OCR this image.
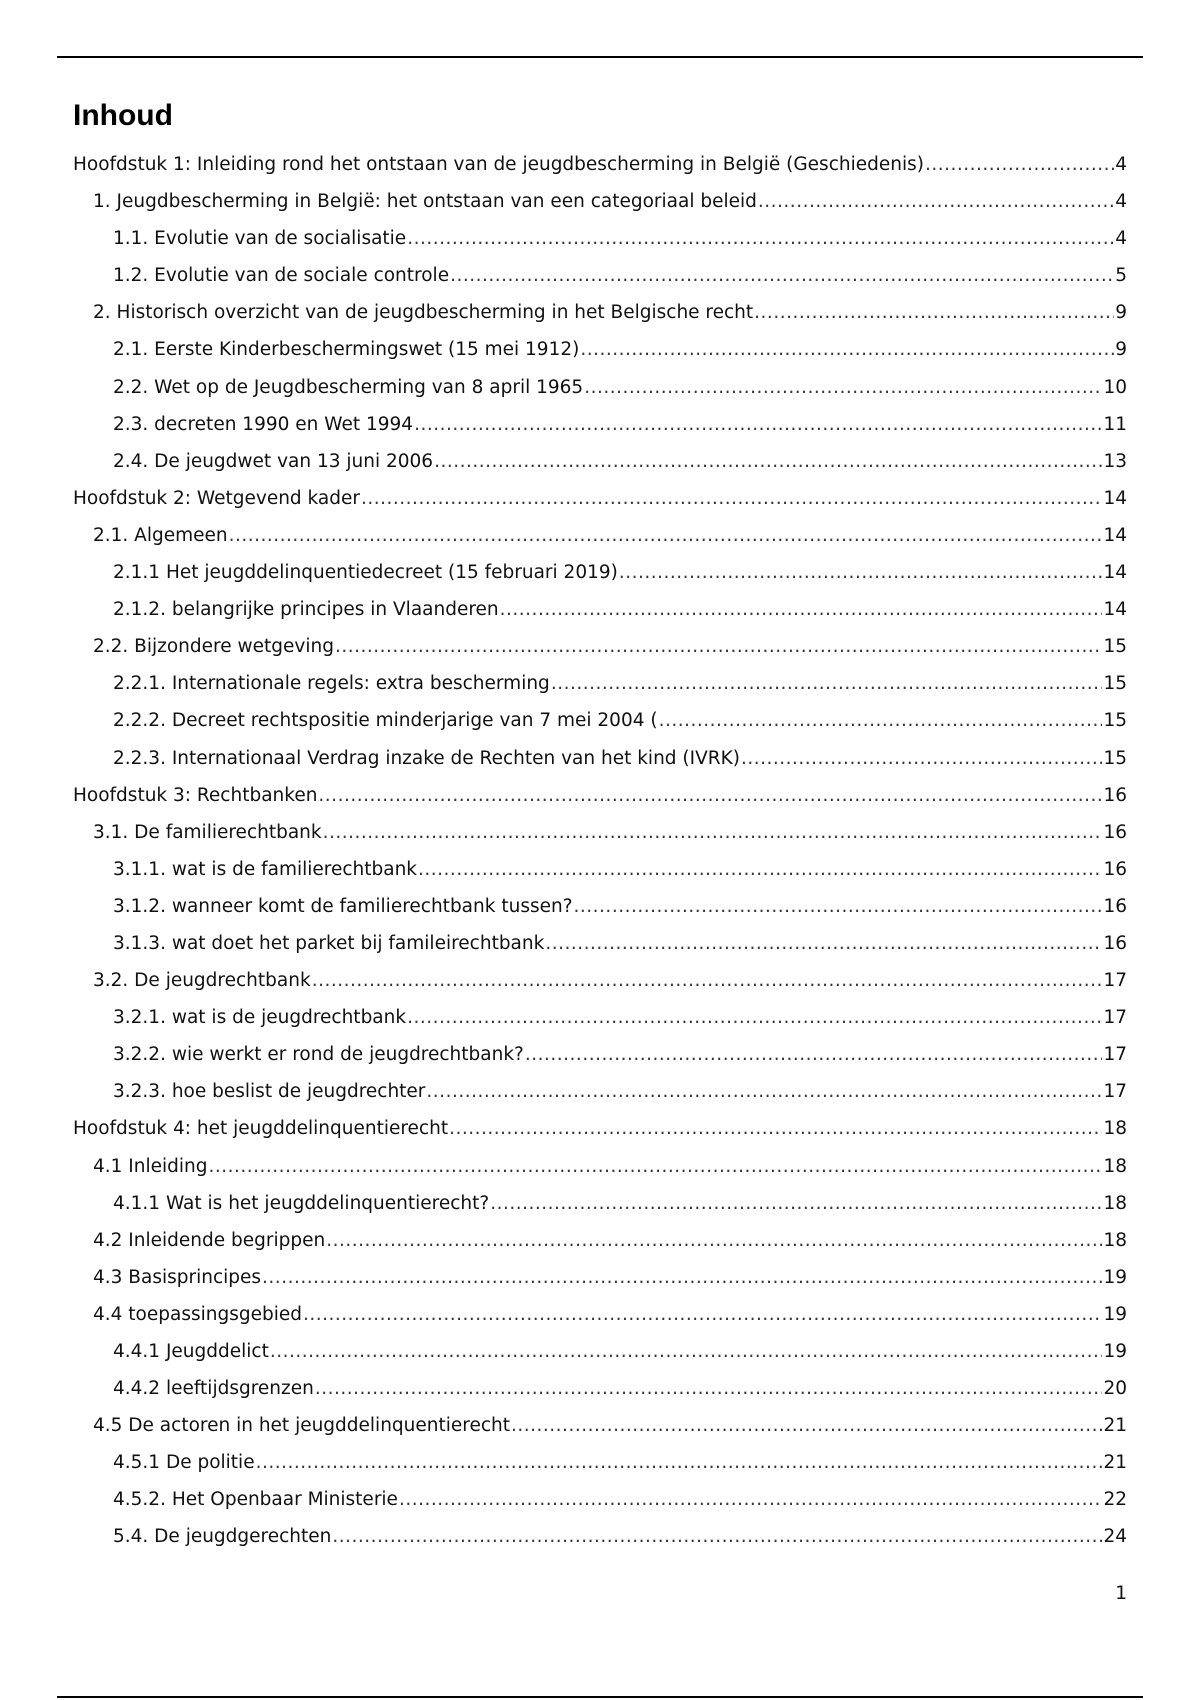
Inhoud
Hoofdstuk 1: Inleiding rond het ontstaan van de jeugdbescherming in België (Geschiedenis) .....	4
1. Jeugdbescherming in België: het ontstaan van een categoriaal beleid .....	4
1.1. Evolutie van de socialisatie .....	4
1.2. Evolutie van de sociale controle .....	5
2. Historisch overzicht van de jeugdbescherming in het Belgische recht .....	9
2.1. Eerste Kinderbeschermingswet (15 mei 1912) .....	9
2.2. Wet op de Jeugdbescherming van 8 april 1965 .....	10
2.3. decreten 1990 en Wet 1994 .....	11
2.4. De jeugdwet van 13 juni 2006 .....	13
Hoofdstuk 2: Wetgevend kader .....	14
2.1. Algemeen .....	14
2.1.1 Het jeugddelinquentiedecreet (15 februari 2019) .....	14
2.1.2. belangrijke principes in Vlaanderen .....	14
2.2. Bijzondere wetgeving .....	15
2.2.1. Internationale regels: extra bescherming .....	15
2.2.2. Decreet rechtspositie minderjarige van 7 mei 2004 ( .....	15
2.2.3. Internationaal Verdrag inzake de Rechten van het kind (IVRK) .....	15
Hoofdstuk 3: Rechtbanken .....	16
3.1. De familierechtbank .....	16
3.1.1. wat is de familierechtbank .....	16
3.1.2. wanneer komt de familierechtbank tussen? .....	16
3.1.3. wat doet het parket bij famileirechtbank .....	16
3.2. De jeugdrechtbank .....	17
3.2.1. wat is de jeugdrechtbank .....	17
3.2.2. wie werkt er rond de jeugdrechtbank? .....	17
3.2.3. hoe beslist de jeugdrechter .....	17
Hoofdstuk 4: het jeugddelinquentierecht .....	18
4.1 Inleiding .....	18
4.1.1 Wat is het jeugddelinquentierecht? .....	18
4.2 Inleidende begrippen .....	18
4.3 Basisprincipes .....	19
4.4 toepassingsgebied .....	19
4.4.1 Jeugddelict .....	19
4.4.2 leeftijdsgrenzen .....	20
4.5 De actoren in het jeugddelinquentierecht .....	21
4.5.1 De politie .....	21
4.5.2. Het Openbaar Ministerie .....	22
5.4. De jeugdgerechten .....	24
1
